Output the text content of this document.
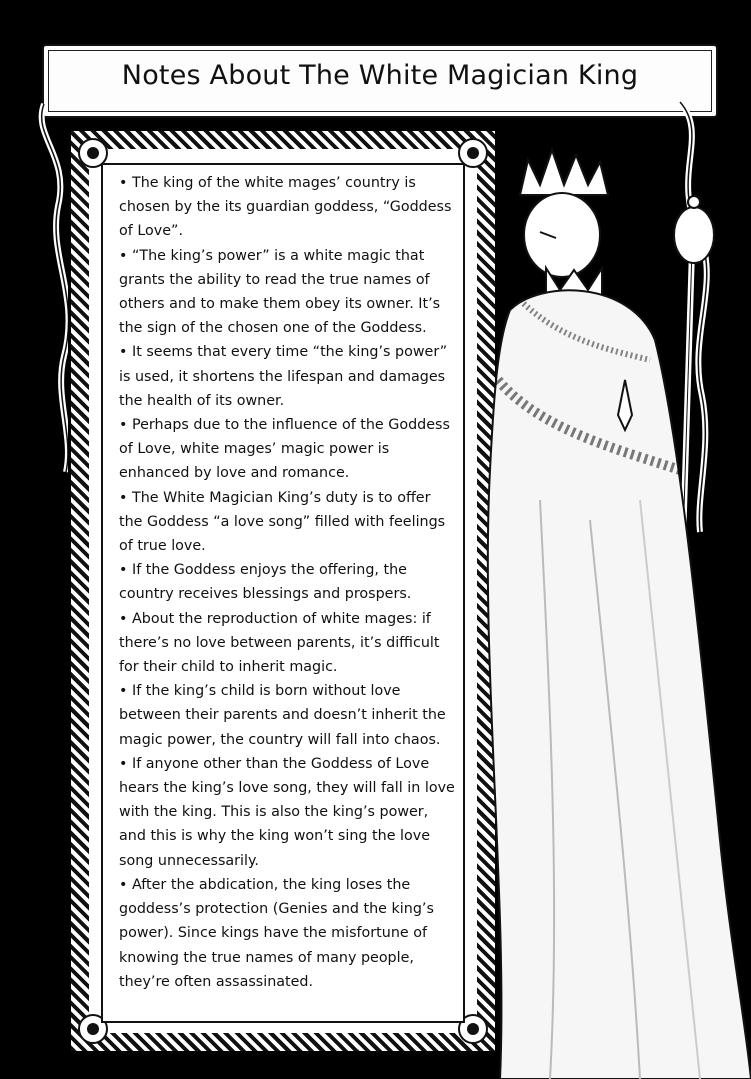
Notes About The White Magician King

• The king of the white mages’ country is chosen by the its guardian goddess, “Goddess of Love”.

• “The king’s power” is a white magic that grants the ability to read the true names of others and to make them obey its owner. It’s the sign of the chosen one of the Goddess.

• It seems that every time “the king’s power” is used, it shortens the lifespan and damages the health of its owner.

• Perhaps due to the influence of the Goddess of Love, white mages’ magic power is enhanced by love and romance.

• The White Magician King’s duty is to offer the Goddess “a love song” filled with feelings of true love.

• If the Goddess enjoys the offering, the country receives blessings and prospers.

• About the reproduction of white mages: if there’s no love between parents, it’s difficult for their child to inherit magic.

• If the king’s child is born without love between their parents and doesn’t inherit the magic power, the country will fall into chaos.

• If anyone other than the Goddess of Love hears the king’s love song, they will fall in love with the king. This is also the king’s power, and this is why the king won’t sing the love song unnecessarily.

• After the abdication, the king loses the goddess’s protection (Genies and the king’s power). Since kings have the misfortune of knowing the true names of many people, they’re often assassinated.
